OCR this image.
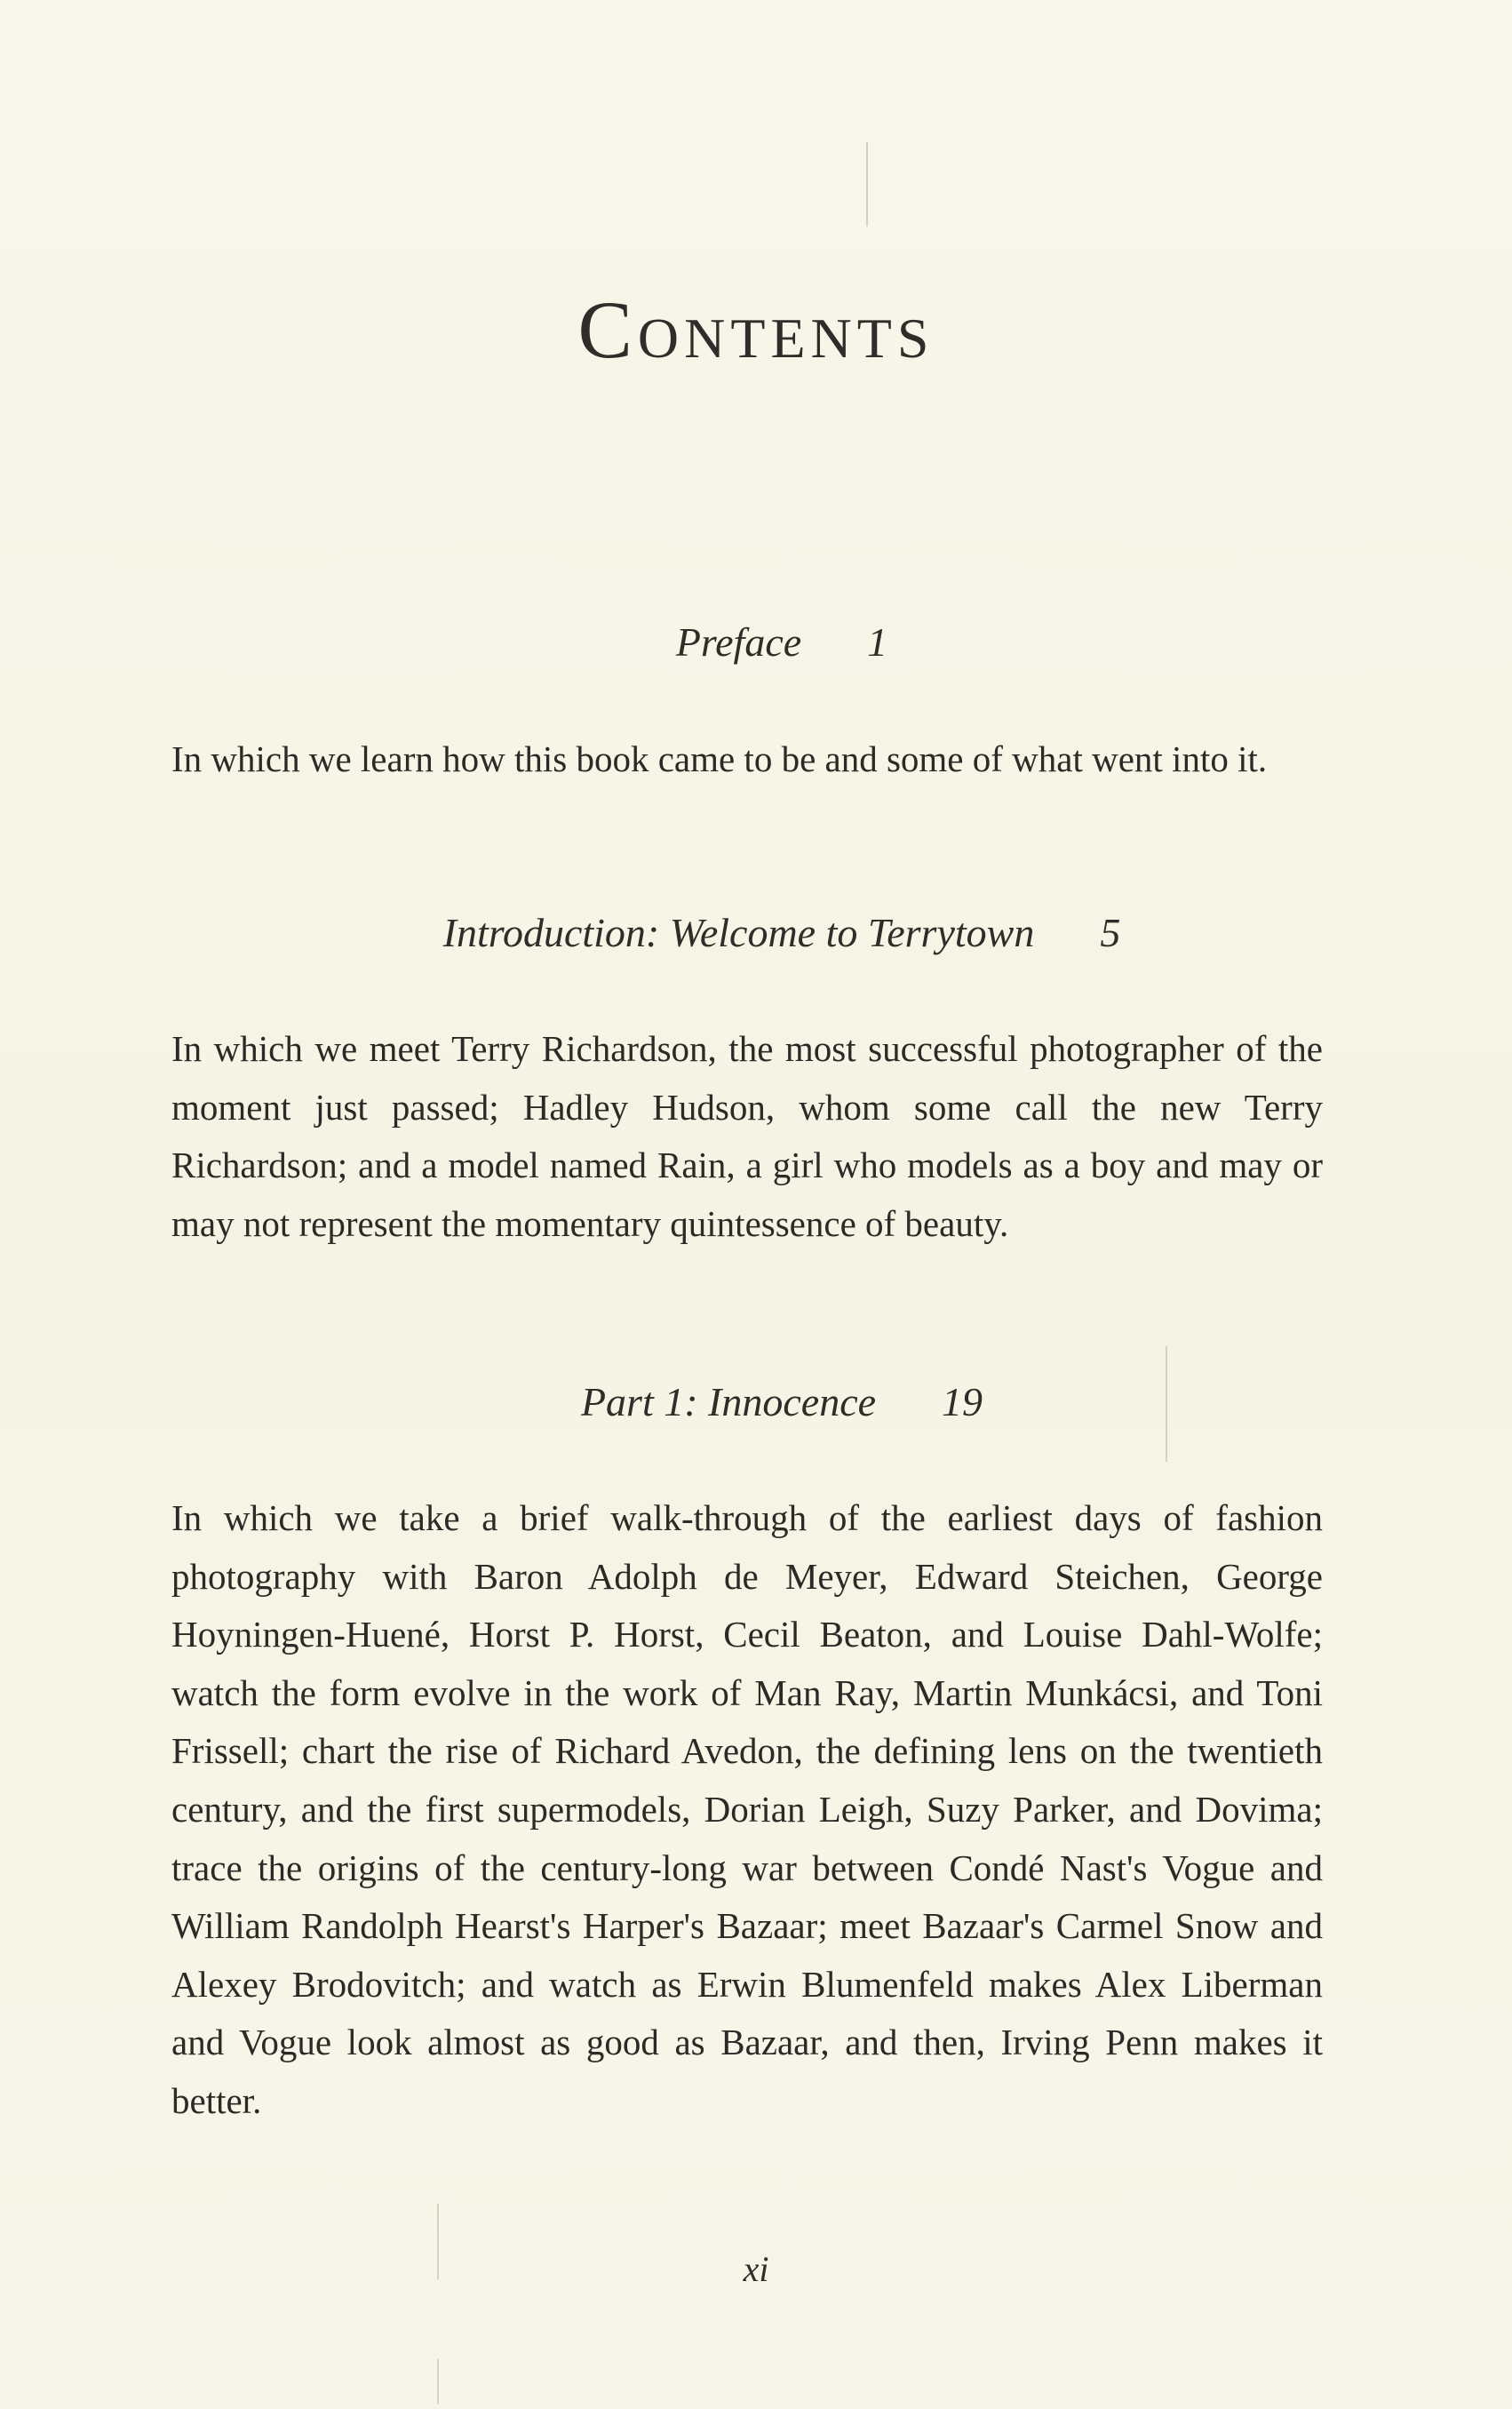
Contents
Preface 1

In which we learn how this book came to be and some of what went into it.

Introduction: Welcome to Terrytown 5

In which we meet Terry Richardson, the most successful photographer of the moment just passed; Hadley Hudson, whom some call the new Terry Richardson; and a model named Rain, a girl who models as a boy and may or may not represent the momentary quintessence of beauty.

Part 1: Innocence 19

In which we take a brief walk-through of the earliest days of fashion photography with Baron Adolph de Meyer, Edward Steichen, George Hoyningen-Huené, Horst P. Horst, Cecil Beaton, and Louise Dahl-Wolfe; watch the form evolve in the work of Man Ray, Martin Munkácsi, and Toni Frissell; chart the rise of Richard Avedon, the defining lens on the twentieth century, and the first supermodels, Dorian Leigh, Suzy Parker, and Dovima; trace the origins of the century-long war between Condé Nast's Vogue and William Randolph Hearst's Harper's Bazaar; meet Bazaar's Carmel Snow and Alexey Brodovitch; and watch as Erwin Blumenfeld makes Alex Liberman and Vogue look almost as good as Bazaar, and then, Irving Penn makes it better.

xi
